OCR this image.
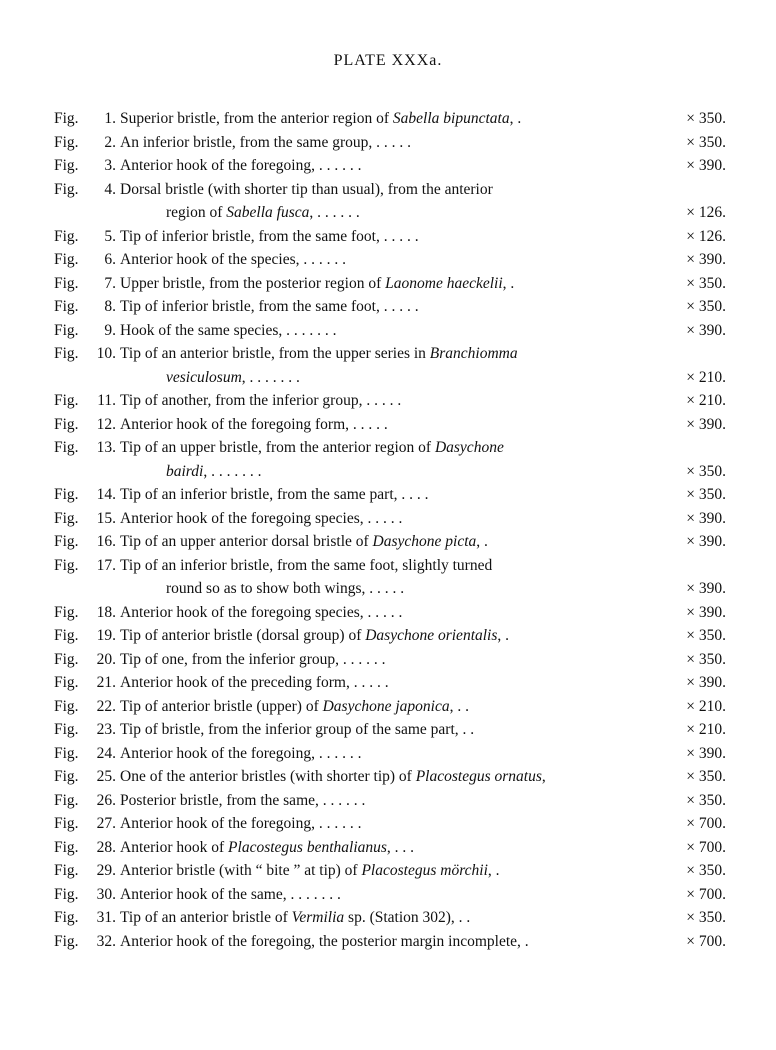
PLATE XXXa.
Fig. 1. Superior bristle, from the anterior region of Sabella bipunctata, .	× 350.
Fig. 2. An inferior bristle, from the same group, . . . . .	× 350.
Fig. 3. Anterior hook of the foregoing, . . . . . .	× 390.
Fig. 4. Dorsal bristle (with shorter tip than usual), from the anterior
region of Sabella fusca, . . . . . .	× 126.
Fig. 5. Tip of inferior bristle, from the same foot, . . . . .	× 126.
Fig. 6. Anterior hook of the species, . . . . . .	× 390.
Fig. 7. Upper bristle, from the posterior region of Laonome haeckelii, .	× 350.
Fig. 8. Tip of inferior bristle, from the same foot, . . . . .	× 350.
Fig. 9. Hook of the same species, . . . . . . .	× 390.
Fig. 10. Tip of an anterior bristle, from the upper series in Branchiomma
vesiculosum, . . . . . . .	× 210.
Fig. 11. Tip of another, from the inferior group, . . . . .	× 210.
Fig. 12. Anterior hook of the foregoing form, . . . . .	× 390.
Fig. 13. Tip of an upper bristle, from the anterior region of Dasychone
bairdi, . . . . . . .	× 350.
Fig. 14. Tip of an inferior bristle, from the same part, . . . .	× 350.
Fig. 15. Anterior hook of the foregoing species, . . . . .	× 390.
Fig. 16. Tip of an upper anterior dorsal bristle of Dasychone picta, .	× 390.
Fig. 17. Tip of an inferior bristle, from the same foot, slightly turned
round so as to show both wings, . . . . .	× 390.
Fig. 18. Anterior hook of the foregoing species, . . . . .	× 390.
Fig. 19. Tip of anterior bristle (dorsal group) of Dasychone orientalis, .	× 350.
Fig. 20. Tip of one, from the inferior group, . . . . . .	× 350.
Fig. 21. Anterior hook of the preceding form, . . . . .	× 390.
Fig. 22. Tip of anterior bristle (upper) of Dasychone japonica, . .	× 210.
Fig. 23. Tip of bristle, from the inferior group of the same part, . .	× 210.
Fig. 24. Anterior hook of the foregoing, . . . . . .	× 390.
Fig. 25. One of the anterior bristles (with shorter tip) of Placostegus ornatus,	× 350.
Fig. 26. Posterior bristle, from the same, . . . . . .	× 350.
Fig. 27. Anterior hook of the foregoing, . . . . . .	× 700.
Fig. 28. Anterior hook of Placostegus benthalianus, . . .	× 700.
Fig. 29. Anterior bristle (with “ bite ” at tip) of Placostegus mörchii, .	× 350.
Fig. 30. Anterior hook of the same, . . . . . . .	× 700.
Fig. 31. Tip of an anterior bristle of Vermilia sp. (Station 302), . .	× 350.
Fig. 32. Anterior hook of the foregoing, the posterior margin incomplete, .	× 700.
